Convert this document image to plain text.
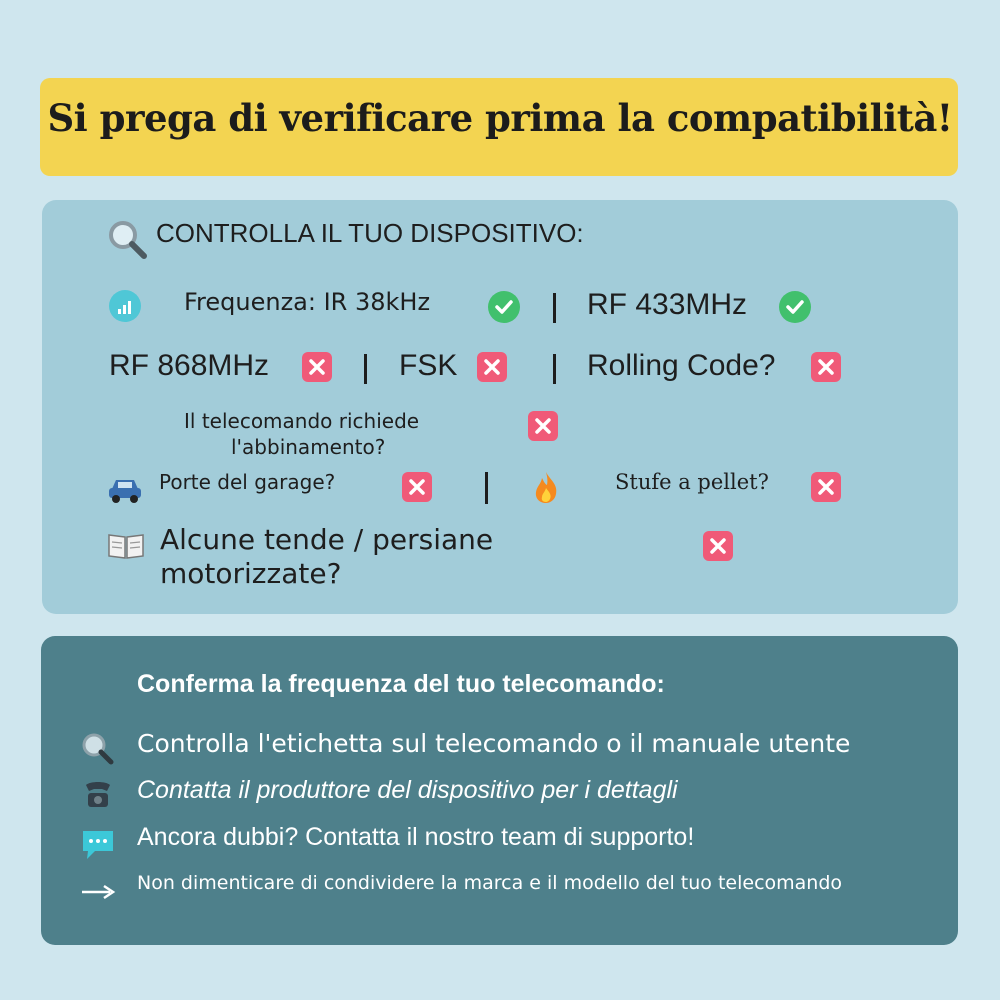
Si prega di verificare prima la compatibilità!
CONTROLLA IL TUO DISPOSITIVO:
Frequenza: IR 38kHz	RF 433MHz
RF 868MHz	FSK	Rolling Code?
Il telecomando richiede
l'abbinamento?
Porte del garage?	Stufe a pellet?
Alcune tende / persiane
motorizzate?
Conferma la frequenza del tuo telecomando:
Controlla l'etichetta sul telecomando o il manuale utente
Contatta il produttore del dispositivo per i dettagli
Ancora dubbi? Contatta il nostro team di supporto!
Non dimenticare di condividere la marca e il modello del tuo telecomando
